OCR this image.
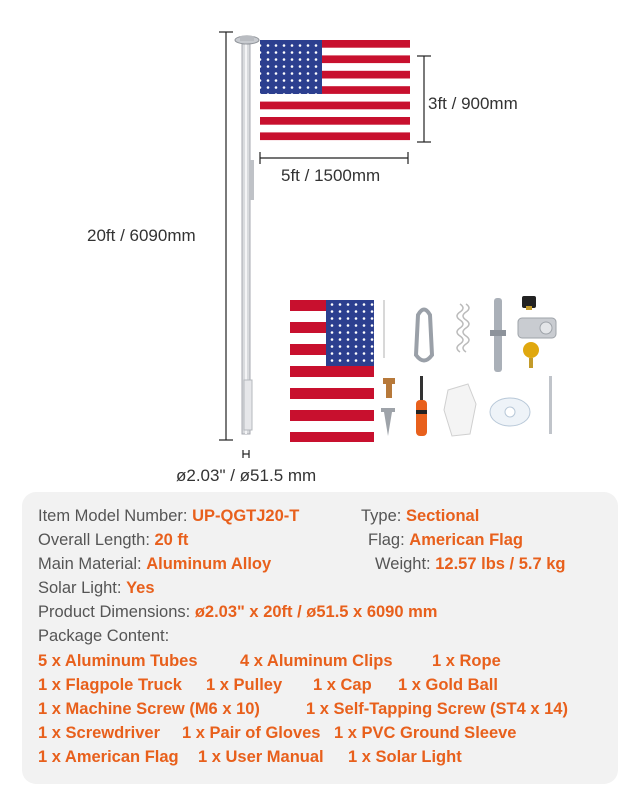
3ft / 900mm
5ft / 1500mm
20ft / 6090mm
ø2.03" / ø51.5 mm
Item Model Number: UP-QGTJ20-T	Type: Sectional
Overall Length: 20 ft	Flag: American Flag
Main Material: Aluminum Alloy	Weight: 12.57 lbs / 5.7 kg
Solar Light: Yes
Product Dimensions: ø2.03" x 20ft / ø51.5 x 6090 mm
Package Content:
5 x Aluminum Tubes	4 x Aluminum Clips 1 x Rope
1 x Flagpole Truck 1 x Pulley 1 x Cap 1 x Gold Ball
1 x Machine Screw (M6 x 10)	1 x Self-Tapping Screw (ST4 x 14)
1 x Screwdriver 1 x Pair of Gloves 1 x PVC Ground Sleeve
1 x American Flag 1 x User Manual 1 x Solar Light
